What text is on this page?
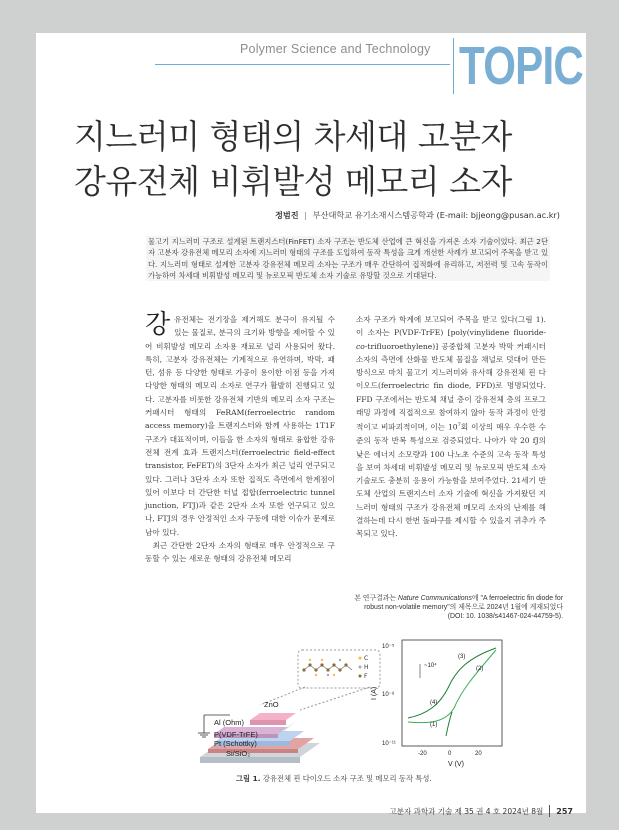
Polymer Science and Technology TOPIC
지느러미 형태의 차세대 고분자
강유전체 비휘발성 메모리 소자
정범진 | 부산대학교 유기소재시스템공학과 (E-mail: bjjeong@pusan.ac.kr)
물고기 지느러미 구조로 설계된 트랜지스터(FinFET) 소자 구조는 반도체 산업에 큰 혁신을 가져온 소자 기술이었다. 최근 2단자 고분자 강유전체 메모리 소자에 지느러미 형태의 구조를 도입하여 동작 특성을 크게 개선한 사례가 보고되어 주목을 받고 있다. 지느러미 형태로 설계한 고분자 강유전체 메모리 소자는 구조가 매우 간단하여 집적화에 유리하고, 저전력 및 고속 동작이 가능하여 차세대 비휘발성 메모리 및 뉴로모픽 반도체 소자 기술로 유망할 것으로 기대된다.

강유전체는 전기장을 제거해도 분극이 유지될 수 있는 물질로, 분극의 크기와 방향을 제어할 수 있어 비휘발성 메모리 소자용 재료로 널리 사용되어 왔다. 특히, 고분자 강유전체는 기계적으로 유연하며, 박막, 패턴, 섬유 등 다양한 형태로 가공이 용이한 이점 등을 가져 다양한 형태의 메모리 소자로 연구가 활발히 진행되고 있다. 고분자를 비롯한 강유전체 기반의 메모리 소자 구조는 커패시터 형태의 FeRAM(ferroelectric random access memory)을 트랜지스터와 함께 사용하는 1T1F 구조가 대표적이며, 이들을 한 소자의 형태로 융합한 강유전체 전계 효과 트랜지스터(ferroelectric field-effect transistor, FeFET)의 3단자 소자가 최근 널리 연구되고 있다. 그러나 3단자 소자 또한 집적도 측면에서 한계점이 있어 이보다 더 간단한 터널 접합(ferroelectric tunnel junction, FTJ)과 같은 2단자 소자 또한 연구되고 있으나, FTJ의 경우 안정적인 소자 구동에 대한 이슈가 문제로 남아 있다.

최근 간단한 2단자 소자의 형태로 매우 안정적으로 구동할 수 있는 새로운 형태의 강유전체 메모리

소자 구조가 학계에 보고되어 주목을 받고 있다(그림 1). 이 소자는 P(VDF-TrFE) [poly(vinylidene fluoride-co-trifluoroethylene)] 공중합체 고분자 박막 커패시터 소자의 측면에 산화물 반도체 물질을 채널로 덧대어 만든 방식으로 마치 물고기 지느러미와 유사해 강유전체 핀 다이오드(ferroelectric fin diode, FFD)로 명명되었다. FFD 구조에서는 반도체 채널 층이 강유전체 층의 프로그래밍 과정에 직접적으로 참여하지 않아 동작 과정이 안정적이고 비파괴적이며, 이는 $10^7$회 이상의 매우 우수한 수준의 동작 반복 특성으로 검증되었다. 나아가 약 20 fJ의 낮은 에너지 소모량과 100 나노초 수준의 고속 동작 특성을 보여 차세대 비휘발성 메모리 및 뉴로모픽 반도체 소자 기술로도 충분히 응용이 가능함을 보여주었다. 21세기 반도체 산업의 트랜지스터 소자 기술에 혁신을 가져왔던 지느러미 형태의 구조가 강유전체 메모리 소자의 난제를 해결하는데 다시 한번 돌파구를 제시할 수 있을지 귀추가 주목되고 있다.

본 연구결과는 Nature Communications에 "A ferroelectric fin diode for robust non-volatile memory"의 제목으로 2024년 1월에 게재되었다
(DOI: 10. 1038/s41467-024-44759-5).
C
H
F
ZnO
Al (Ohm)
P(VDF-TrFE)
Pt (Schottky)
Si/SiO₂
I (A)
V (V)
10⁻⁵
10⁻⁸
10⁻¹¹
-20	0	20
~10⁴
(1)
(2)
(3)
(4)
그림 1. 강유전체 핀 다이오드 소자 구조 및 메모리 동작 특성.
고분자 과학과 기술 제 35 권 4 호 2024년 8월 257
